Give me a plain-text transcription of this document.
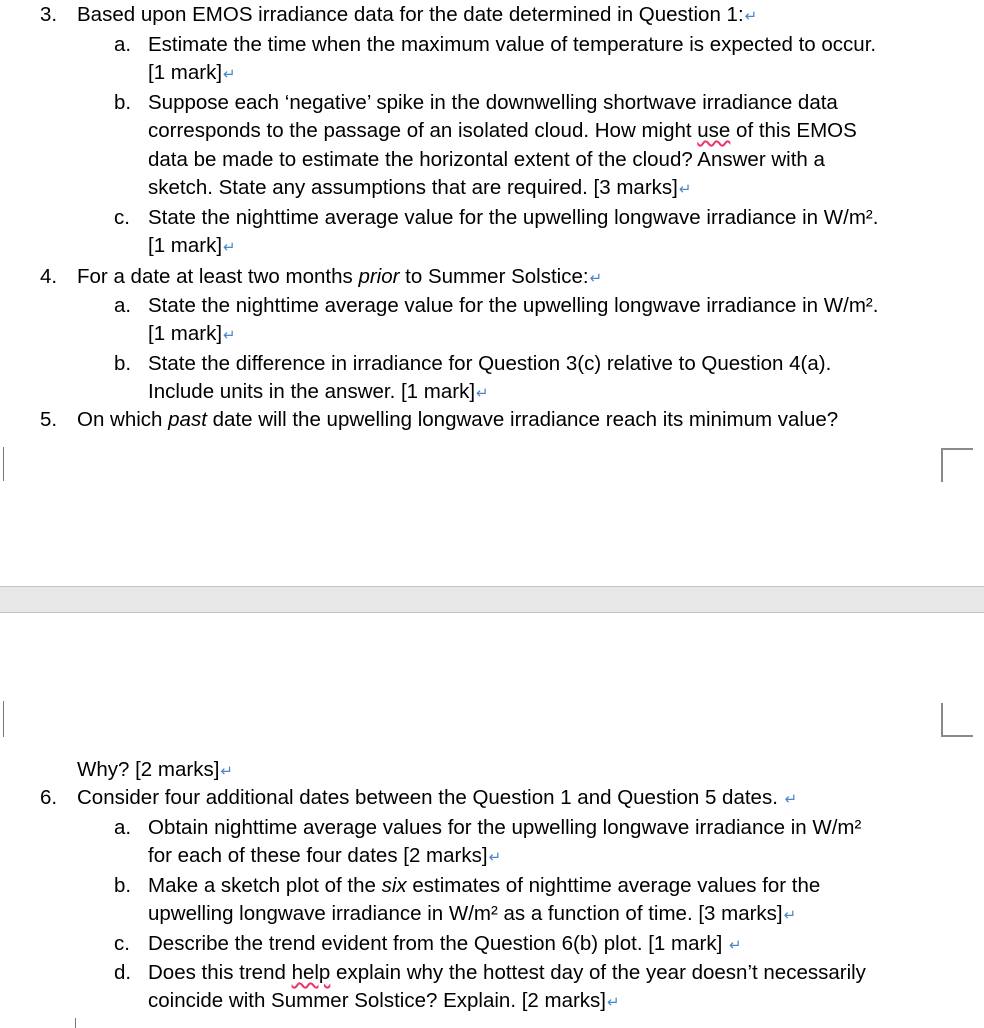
3. Based upon EMOS irradiance data for the date determined in Question 1:↵
a. Estimate the time when the maximum value of temperature is expected to occur.
[1 mark]↵
b. Suppose each ‘negative’ spike in the downwelling shortwave irradiance data
corresponds to the passage of an isolated cloud. How might use of this EMOS
data be made to estimate the horizontal extent of the cloud? Answer with a
sketch. State any assumptions that are required. [3 marks]↵
c. State the nighttime average value for the upwelling longwave irradiance in W/m².
[1 mark]↵
4. For a date at least two months prior to Summer Solstice:↵
a. State the nighttime average value for the upwelling longwave irradiance in W/m².
[1 mark]↵
b. State the difference in irradiance for Question 3(c) relative to Question 4(a).
Include units in the answer. [1 mark]↵
5. On which past date will the upwelling longwave irradiance reach its minimum value?
Why? [2 marks]↵
6. Consider four additional dates between the Question 1 and Question 5 dates. ↵
a. Obtain nighttime average values for the upwelling longwave irradiance in W/m²
for each of these four dates [2 marks]↵
b. Make a sketch plot of the six estimates of nighttime average values for the
upwelling longwave irradiance in W/m² as a function of time. [3 marks]↵
c. Describe the trend evident from the Question 6(b) plot. [1 mark] ↵
d. Does this trend help explain why the hottest day of the year doesn’t necessarily
coincide with Summer Solstice? Explain. [2 marks]↵
